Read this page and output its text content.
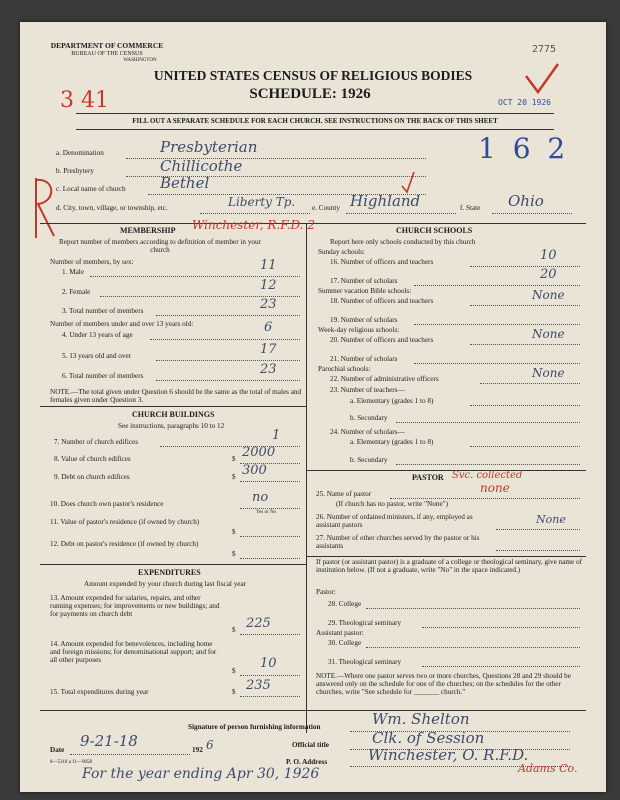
DEPARTMENT OF COMMERCE
BUREAU OF THE CENSUS
WASHINGTON
UNITED STATES CENSUS OF RELIGIOUS BODIES
SCHEDULE: 1926
3 41
2775
OCT 20 1926
FILL OUT A SEPARATE SCHEDULE FOR EACH CHURCH. SEE INSTRUCTIONS ON THE BACK OF THIS SHEET
a. Denomination	Presbyterian	1 6 2
b. Presbytery	Chillicothe
c. Local name of church Bethel
d. City, town, village, or township, etc.	Liberty Tp. e. County Highland	f. State Ohio
MEMBERSHIP Winchester, R.F.D. 2
Report number of members according to definition of member in your church
Number of members, by sex:
1. Male	11
2. Female	12
3. Total number of members	23
Number of members under and over 13 years old:
4. Under 13 years of age	6
5. 13 years old and over	17
6. Total number of members	23
NOTE.—The total given under Question 6 should be the same as the total of males and females given under Question 3.
CHURCH BUILDINGS
See instructions, paragraphs 10 to 12
7. Number of church edifices	1
8. Value of church edifices	$ 2000
9. Debt on church edifices	$ 300
10. Does church own pastor's residence	no
Yes or No
11. Value of pastor's residence (if owned by church)
$
12. Debt on pastor's residence (if owned by church)
$
EXPENDITURES
Amount expended by your church during last fiscal year
13. Amount expended for salaries, repairs, and other running expenses; for improvements or new buildings; and for payments on church debt
$ 225
14. Amount expended for benevolences, including home and foreign missions; for denominational support; and for all other purposes
$ 10
15. Total expenditures during year	$ 235
CHURCH SCHOOLS
Report here only schools conducted by this church
Sunday schools:
16. Number of officers and teachers	10
17. Number of scholars	20
Summer vacation Bible schools:
18. Number of officers and teachers	None
19. Number of scholars
Week-day religious schools:
20. Number of officers and teachers	None
21. Number of scholars
Parochial schools:
22. Number of administrative officers	None
23. Number of teachers—
a. Elementary (grades 1 to 8)
b. Secondary
24. Number of scholars—
a. Elementary (grades 1 to 8)
b. Secondary
PASTOR Svc. collected
25. Name of pastor	none
(If church has no pastor, write "None")
26. Number of ordained ministers, if any, employed as assistant pastors	None
27. Number of other churches served by the pastor or his assistants
If pastor (or assistant pastor) is a graduate of a college or theological seminary, give name of institution below. (If not a graduate, write "No" in the space indicated.)
Pastor:
28. College
29. Theological seminary
Assistant pastor:
30. College
31. Theological seminary
NOTE.—Where one pastor serves two or more churches, Questions 28 and 29 should be answered only on the schedule for one of the churches; on the schedules for the other churches, write "See schedule for _______ church."
Signature of person furnishing information	Wm. Shelton
Official title	Clk. of Session
Date 9-21-18	192 6
P. O. Address	Winchester, O. R.F.D.
8—5318 a 11—9058
For the year ending Apr 30, 1926	Adams Co.
